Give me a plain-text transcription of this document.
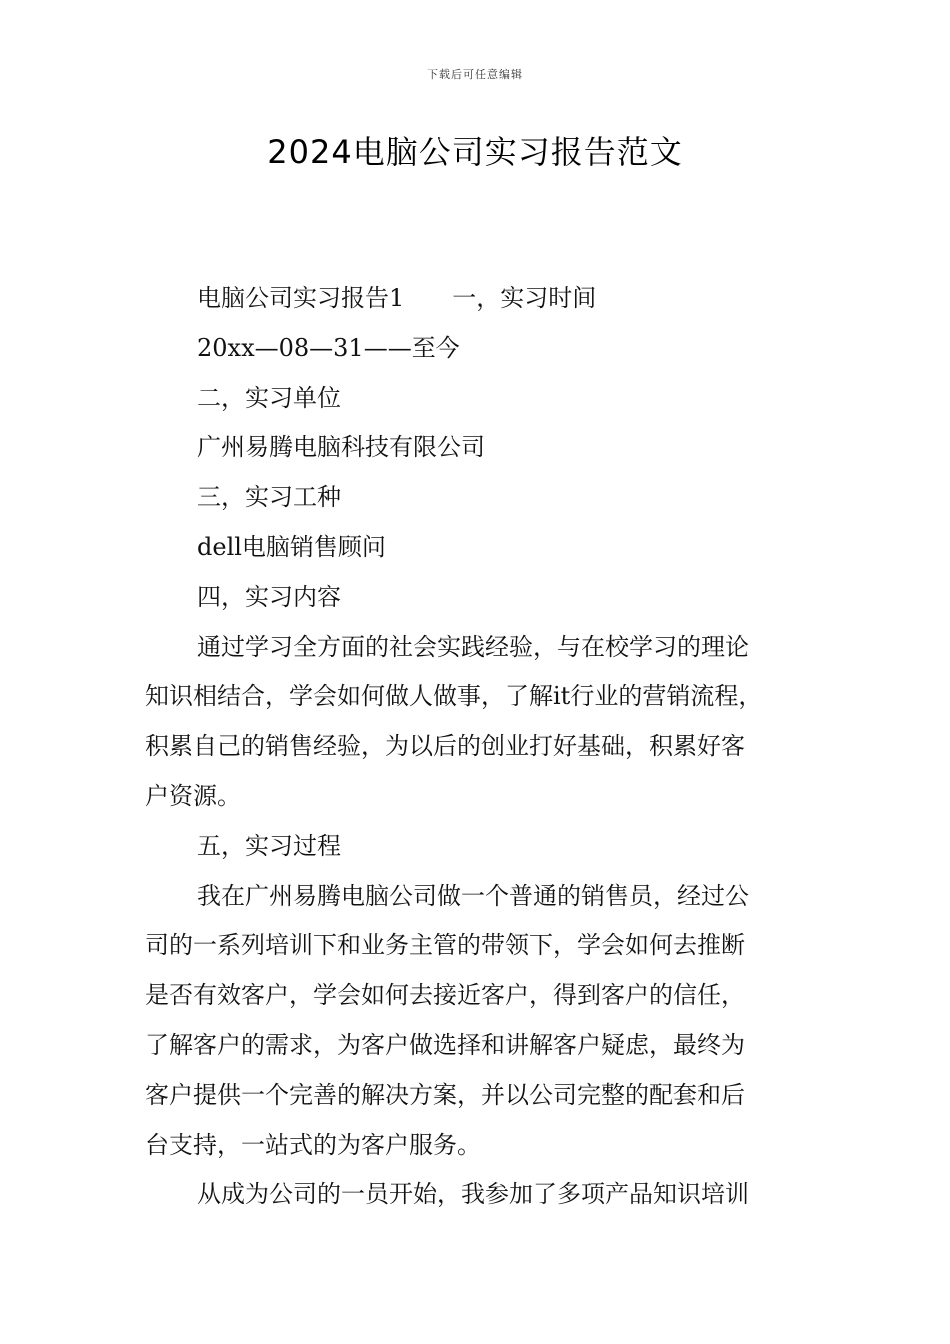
下载后可任意编辑
2024电脑公司实习报告范文
电脑公司实习报告1 一，实习时间
20xx—08—31——至今
二，实习单位
广州易腾电脑科技有限公司
三，实习工种
dell电脑销售顾问
四，实习内容
通过学习全方面的社会实践经验，与在校学习的理论
知识相结合，学会如何做人做事，了解it行业的营销流程，
积累自己的销售经验，为以后的创业打好基础，积累好客
户资源。
五，实习过程
我在广州易腾电脑公司做一个普通的销售员，经过公
司的一系列培训下和业务主管的带领下，学会如何去推断
是否有效客户，学会如何去接近客户，得到客户的信任，
了解客户的需求，为客户做选择和讲解客户疑虑，最终为
客户提供一个完善的解决方案，并以公司完整的配套和后
台支持，一站式的为客户服务。
从成为公司的一员开始，我参加了多项产品知识培训
